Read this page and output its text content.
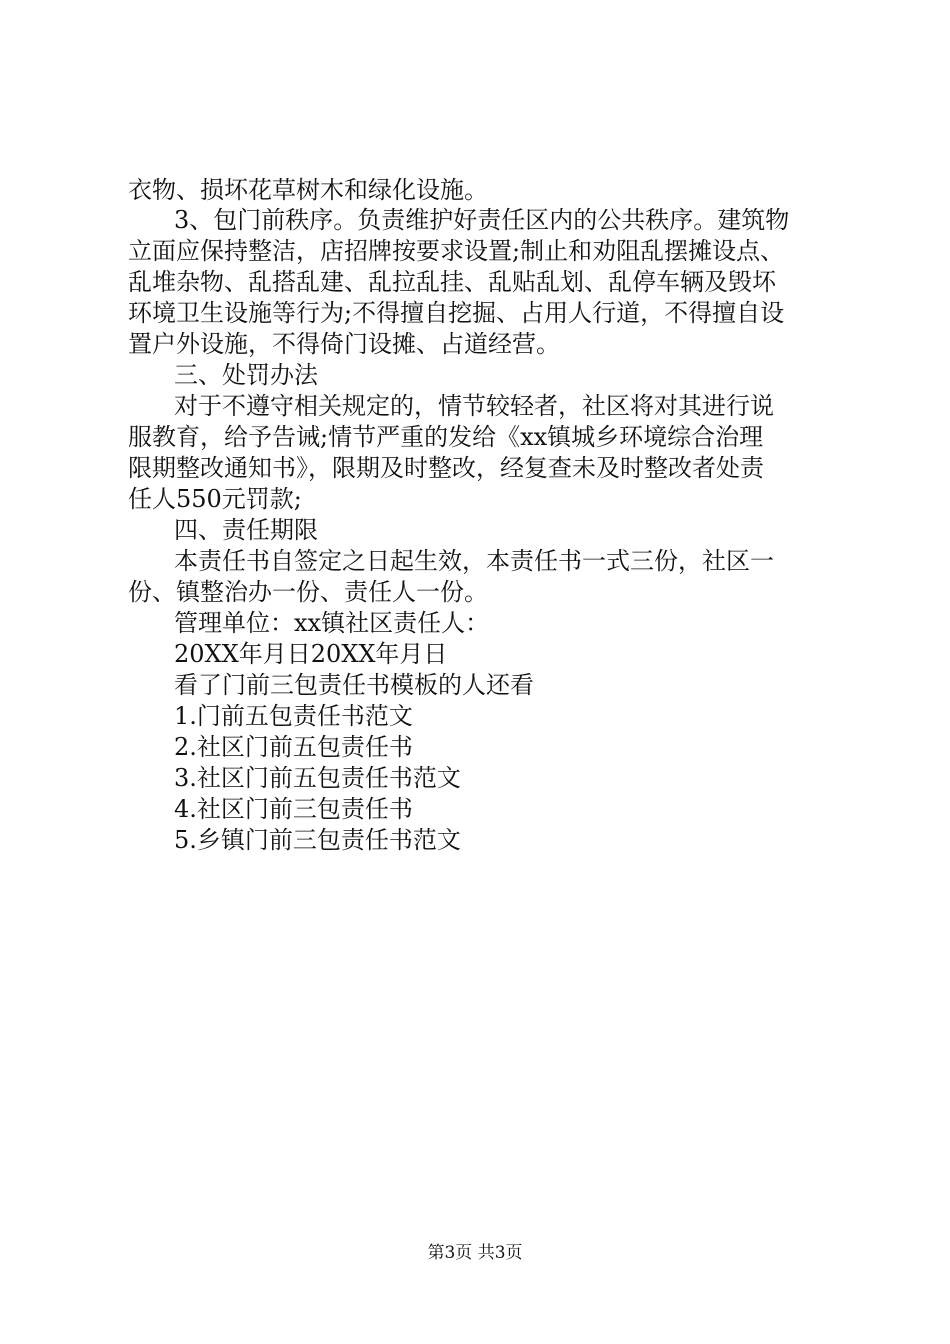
衣物、损坏花草树木和绿化设施。
3、包门前秩序。负责维护好责任区内的公共秩序。建筑物
立面应保持整洁，店招牌按要求设置;制止和劝阻乱摆摊设点、
乱堆杂物、乱搭乱建、乱拉乱挂、乱贴乱划、乱停车辆及毁坏
环境卫生设施等行为;不得擅自挖掘、占用人行道，不得擅自设
置户外设施，不得倚门设摊、占道经营。
三、处罚办法
对于不遵守相关规定的，情节较轻者，社区将对其进行说
服教育，给予告诫;情节严重的发给《xx镇城乡环境综合治理
限期整改通知书》，限期及时整改，经复查未及时整改者处责
任人550元罚款;
四、责任期限
本责任书自签定之日起生效，本责任书一式三份，社区一
份、镇整治办一份、责任人一份。
管理单位：xx镇社区责任人：
20XX年月日20XX年月日
看了门前三包责任书模板的人还看
1.门前五包责任书范文
2.社区门前五包责任书
3.社区门前五包责任书范文
4.社区门前三包责任书
5.乡镇门前三包责任书范文
第3页 共3页
